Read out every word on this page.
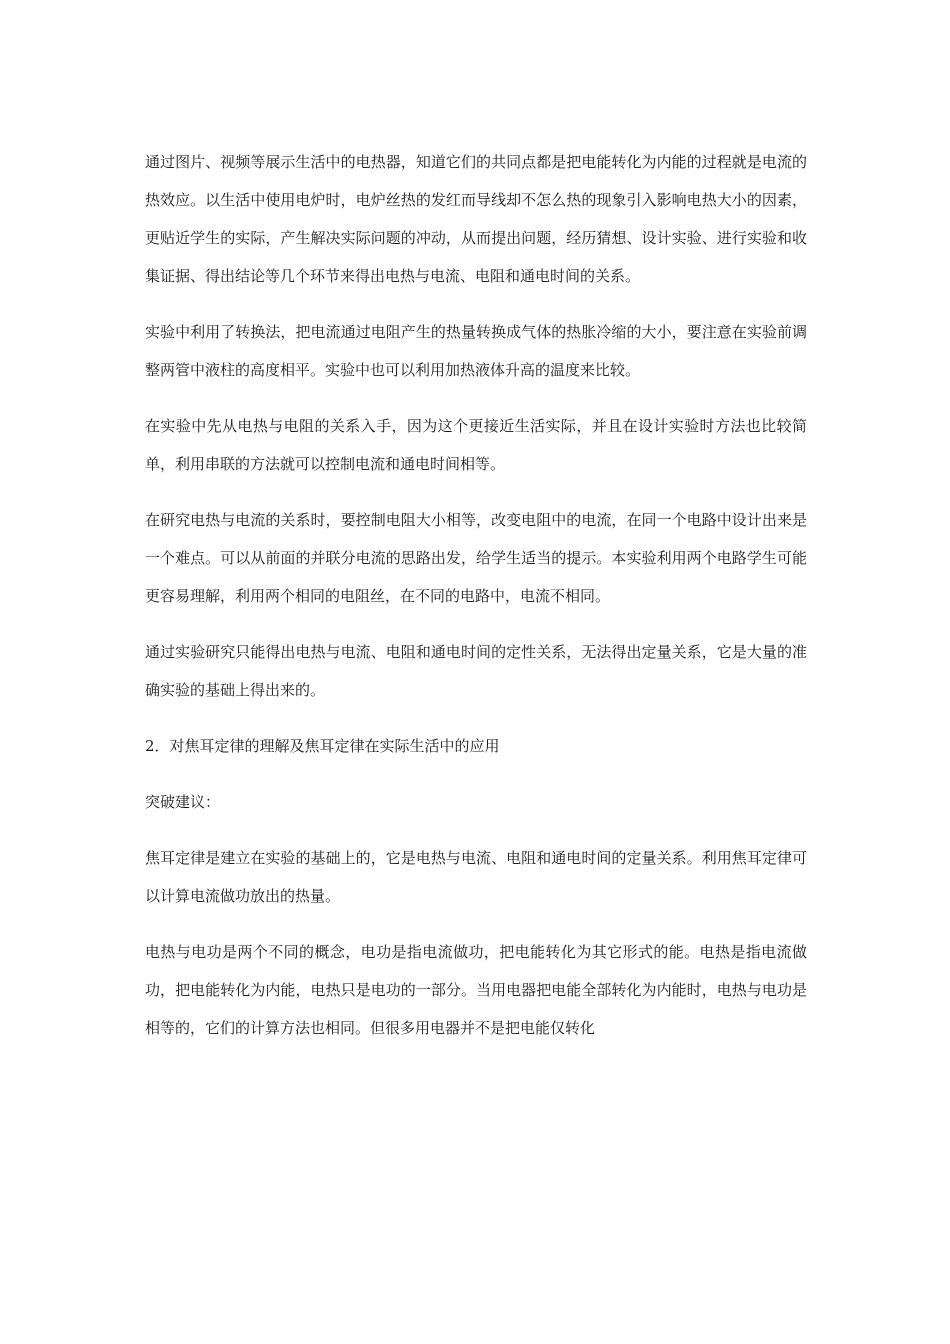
通过图片、视频等展示生活中的电热器，知道它们的共同点都是把电能转化为内能的过程就是电流的热效应。以生活中使用电炉时，电炉丝热的发红而导线却不怎么热的现象引入影响电热大小的因素，更贴近学生的实际，产生解决实际问题的冲动，从而提出问题，经历猜想、设计实验、进行实验和收集证据、得出结论等几个环节来得出电热与电流、电阻和通电时间的关系。

实验中利用了转换法，把电流通过电阻产生的热量转换成气体的热胀冷缩的大小，要注意在实验前调整两管中液柱的高度相平。实验中也可以利用加热液体升高的温度来比较。

在实验中先从电热与电阻的关系入手，因为这个更接近生活实际，并且在设计实验时方法也比较简单，利用串联的方法就可以控制电流和通电时间相等。

在研究电热与电流的关系时，要控制电阻大小相等，改变电阻中的电流，在同一个电路中设计出来是一个难点。可以从前面的并联分电流的思路出发，给学生适当的提示。本实验利用两个电路学生可能更容易理解，利用两个相同的电阻丝，在不同的电路中，电流不相同。

通过实验研究只能得出电热与电流、电阻和通电时间的定性关系，无法得出定量关系，它是大量的准确实验的基础上得出来的。

2．对焦耳定律的理解及焦耳定律在实际生活中的应用

突破建议：

焦耳定律是建立在实验的基础上的，它是电热与电流、电阻和通电时间的定量关系。利用焦耳定律可以计算电流做功放出的热量。

电热与电功是两个不同的概念，电功是指电流做功，把电能转化为其它形式的能。电热是指电流做功，把电能转化为内能，电热只是电功的一部分。当用电器把电能全部转化为内能时，电热与电功是相等的，它们的计算方法也相同。但很多用电器并不是把电能仅转化
